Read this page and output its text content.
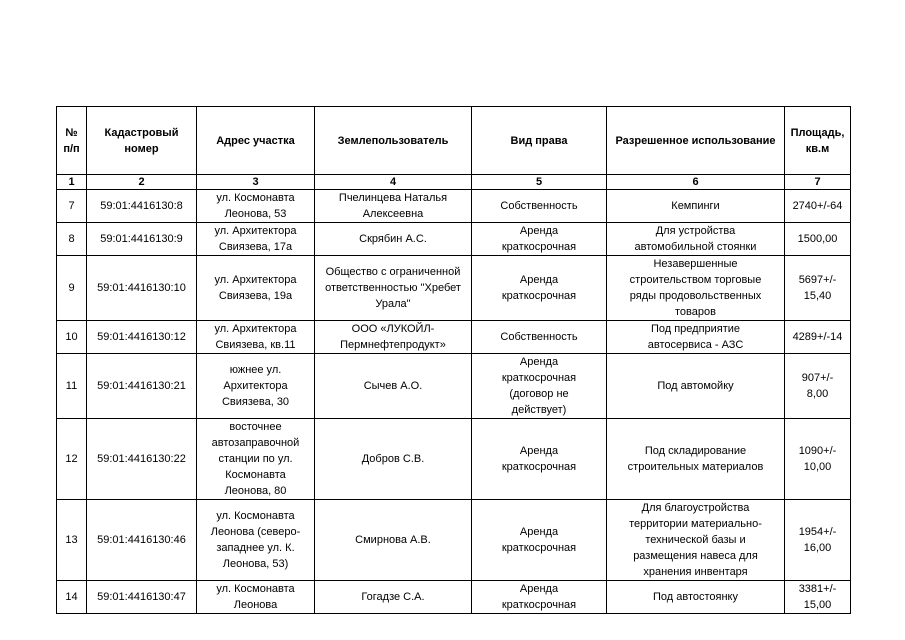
№
п/п	Кадастровый
номер	Адрес участка	Землепользователь	Вид права	Разрешенное использование	Площадь,
кв.м
1	2	3	4	5	6	7
7	59:01:4416130:8	ул. Космонавта
Леонова, 53	Пчелинцева Наталья
Алексеевна	Собственность	Кемпинги	2740+/-64
8	59:01:4416130:9	ул. Архитектора
Свиязева, 17а	Скрябин А.С.	Аренда
краткосрочная	Для устройства
автомобильной стоянки	1500,00
9	59:01:4416130:10	ул. Архитектора
Свиязева, 19а	Общество с ограниченной
ответственностью "Хребет
Урала"	Аренда
краткосрочная	Незавершенные
строительством торговые
ряды продовольственных
товаров	5697+/-
15,40
10	59:01:4416130:12	ул. Архитектора
Свиязева, кв.11	ООО «ЛУКОЙЛ-
Пермнефтепродукт»	Собственность	Под предприятие
автосервиса - АЗС	4289+/-14
11	59:01:4416130:21	южнее ул.
Архитектора
Свиязева, 30	Сычев А.О.	Аренда
краткосрочная
(договор не
действует)	Под автомойку	907+/-
8,00
12	59:01:4416130:22	восточнее
автозаправочной
станции по ул.
Космонавта
Леонова, 80	Добров С.В.	Аренда
краткосрочная	Под складирование
строительных материалов	1090+/-
10,00
13	59:01:4416130:46	ул. Космонавта
Леонова (северо-
западнее ул. К.
Леонова, 53)	Смирнова А.В.	Аренда
краткосрочная	Для благоустройства
территории материально-
технической базы и
размещения навеса для
хранения инвентаря	1954+/-
16,00
14	59:01:4416130:47	ул. Космонавта
Леонова	Гогадзе С.А.	Аренда
краткосрочная	Под автостоянку	3381+/-
15,00
